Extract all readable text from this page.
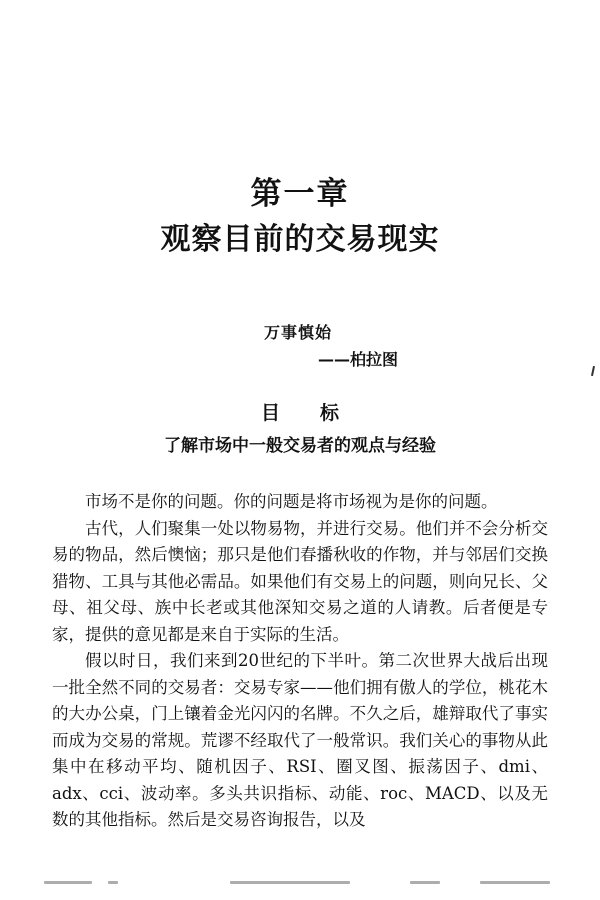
第一章
观察目前的交易现实
万事慎始
——柏拉图
目 标
了解市场中一般交易者的观点与经验

市场不是你的问题。你的问题是将市场视为是你的问题。

古代，人们聚集一处以物易物，并进行交易。他们并不会分析交易的物品，然后懊恼；那只是他们春播秋收的作物，并与邻居们交换猎物、工具与其他必需品。如果他们有交易上的问题，则向兄长、父母、祖父母、族中长老或其他深知交易之道的人请教。后者便是专家，提供的意见都是来自于实际的生活。

假以时日，我们来到20世纪的下半叶。第二次世界大战后出现一批全然不同的交易者：交易专家——他们拥有傲人的学位，桃花木的大办公桌，门上镶着金光闪闪的名牌。不久之后，雄辩取代了事实而成为交易的常规。荒谬不经取代了一般常识。我们关心的事物从此集中在移动平均、随机因子、RSI、圈叉图、振荡因子、dmi、adx、cci、波动率。多头共识指标、动能、roc、MACD、以及无数的其他指标。然后是交易咨询报告，以及
